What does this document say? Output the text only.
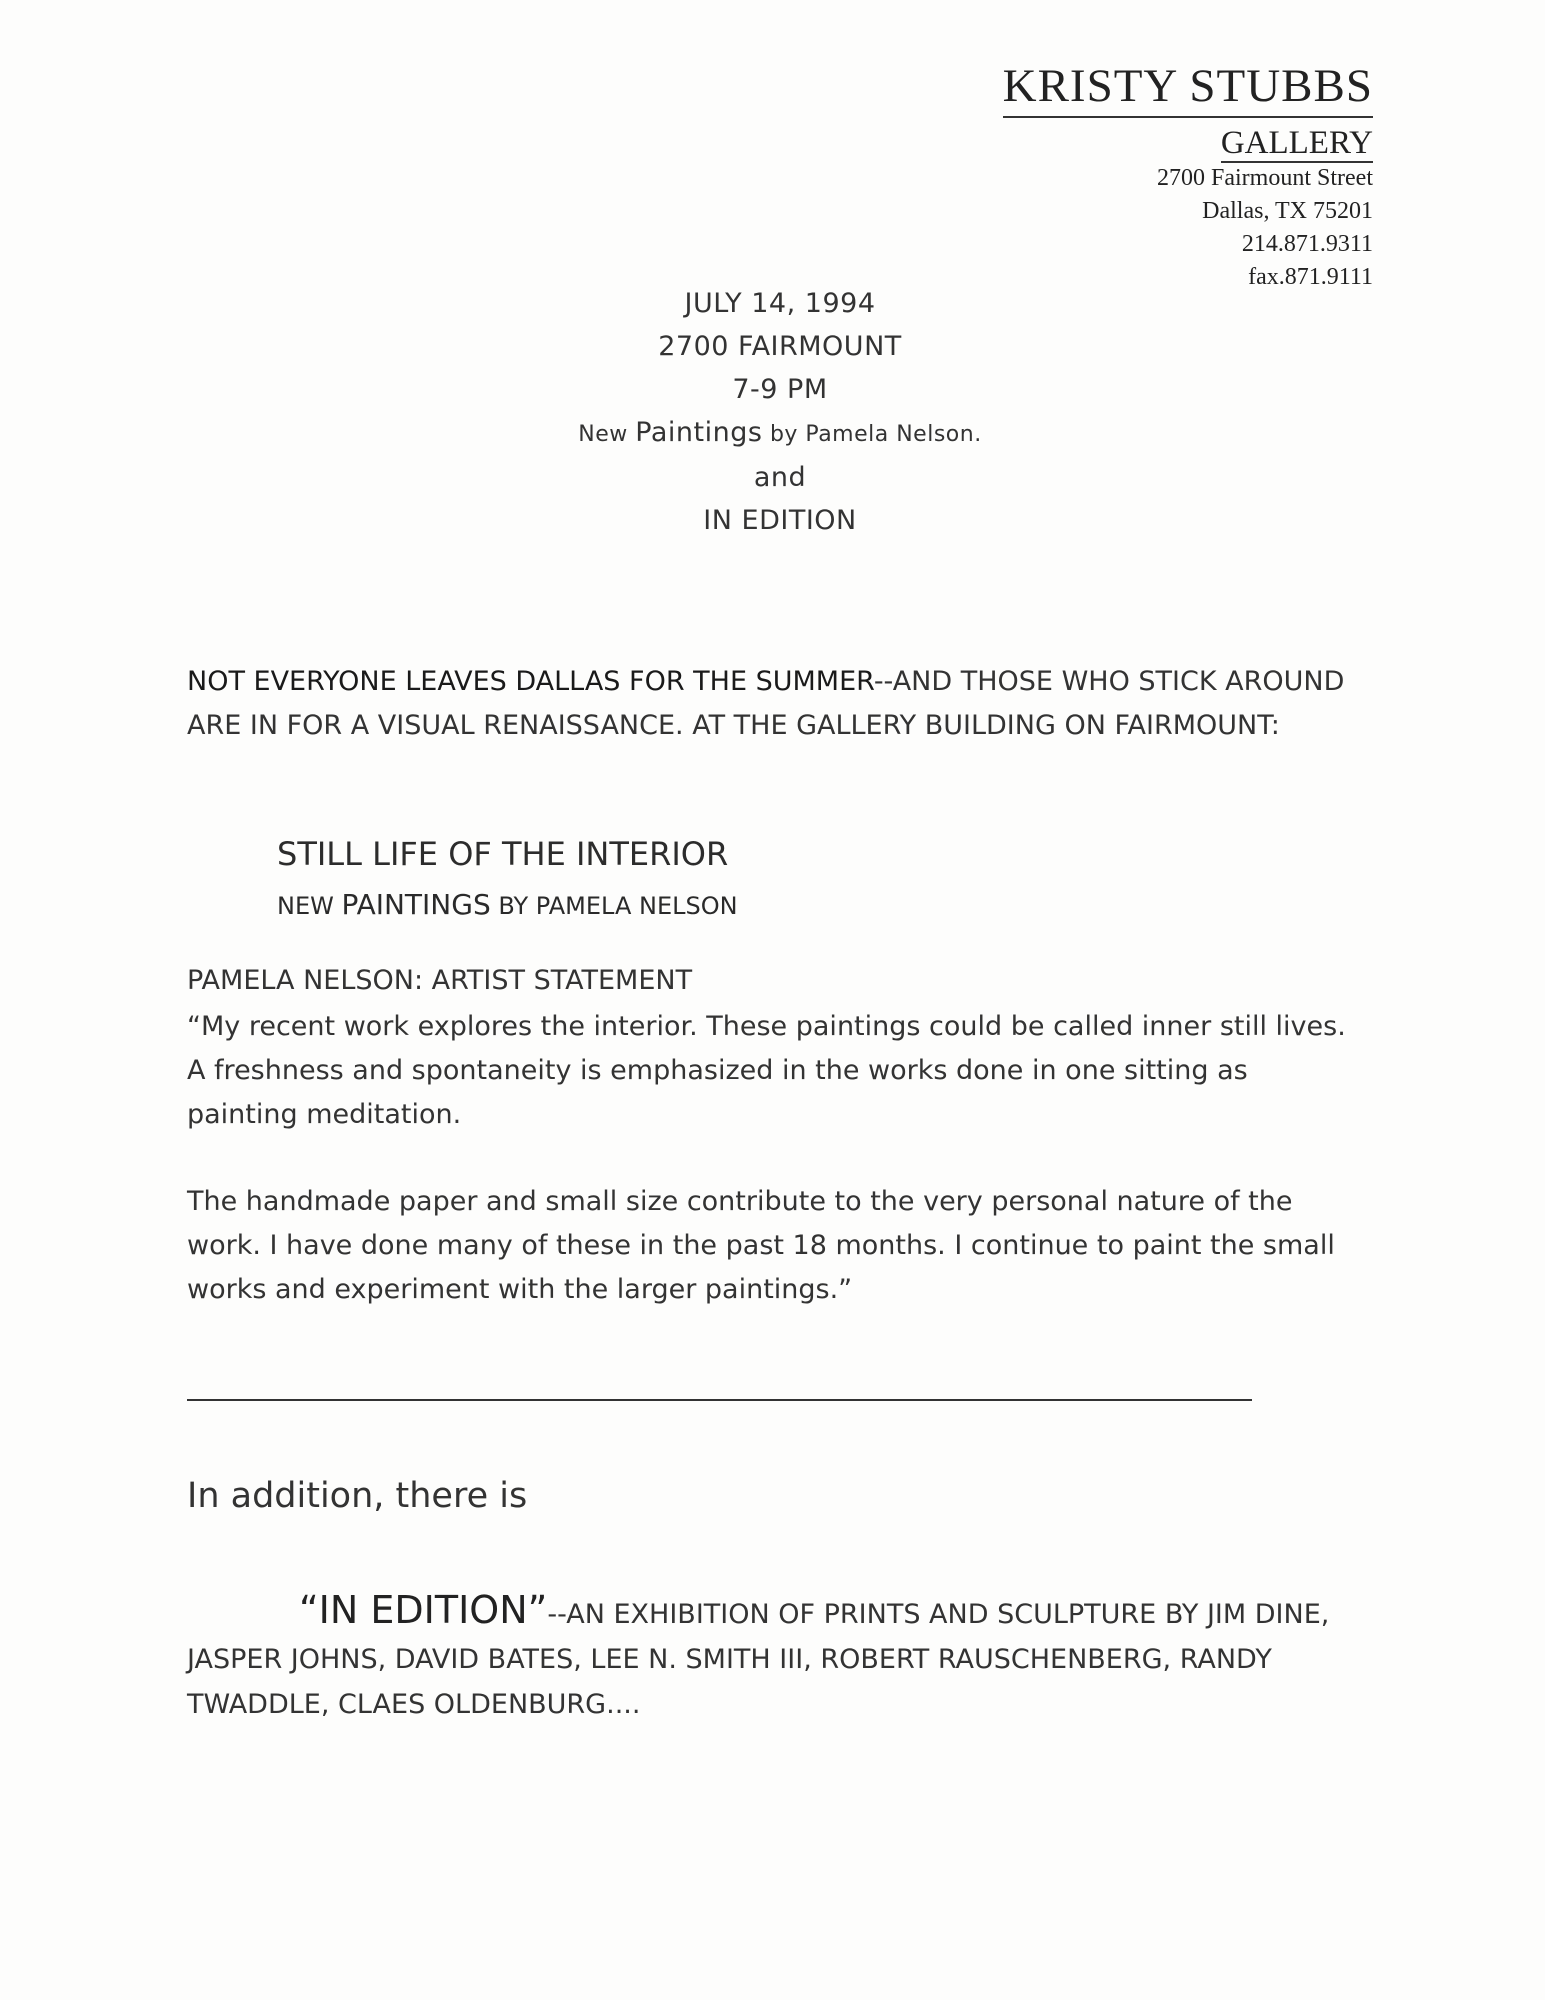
KRISTY STUBBS
GALLERY
2700 Fairmount Street
Dallas, TX 75201
214.871.9311
fax.871.9111
JULY 14, 1994
2700 FAIRMOUNT
7-9 PM
New Paintings by Pamela Nelson.
and
IN EDITION
NOT EVERYONE LEAVES DALLAS FOR THE SUMMER--AND THOSE WHO STICK AROUND ARE IN FOR A VISUAL RENAISSANCE. AT THE GALLERY BUILDING ON FAIRMOUNT:
STILL LIFE OF THE INTERIOR
NEW PAINTINGS BY PAMELA NELSON
PAMELA NELSON: ARTIST STATEMENT
“My recent work explores the interior. These paintings could be called inner still lives. A freshness and spontaneity is emphasized in the works done in one sitting as painting meditation.
The handmade paper and small size contribute to the very personal nature of the work. I have done many of these in the past 18 months. I continue to paint the small works and experiment with the larger paintings.”
In addition, there is
“IN EDITION”--AN EXHIBITION OF PRINTS AND SCULPTURE BY JIM DINE, JASPER JOHNS, DAVID BATES, LEE N. SMITH III, ROBERT RAUSCHENBERG, RANDY TWADDLE, CLAES OLDENBURG....
